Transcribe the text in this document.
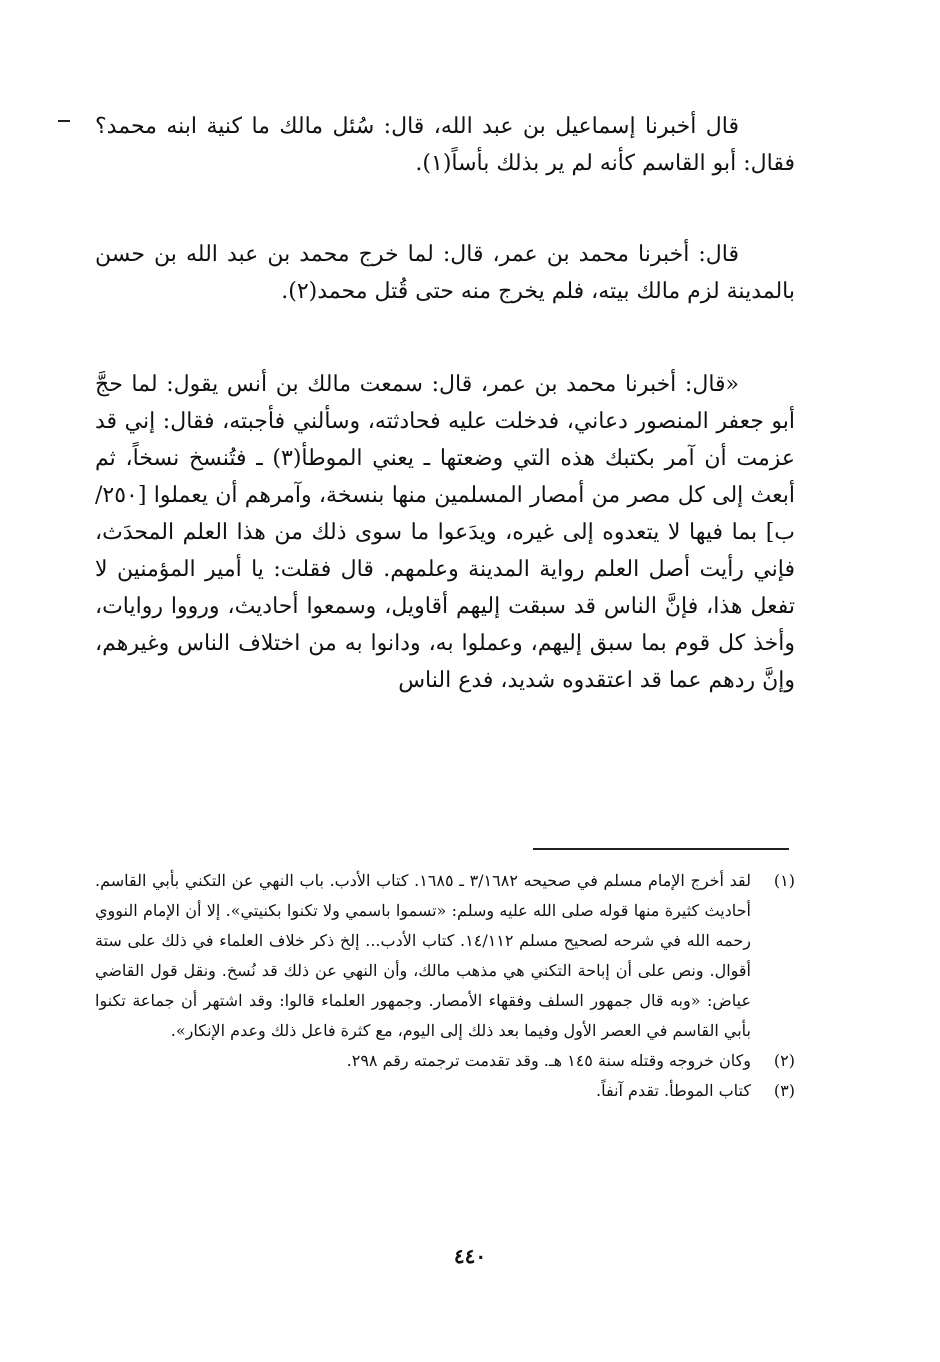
قال أخبرنا إسماعيل بن عبد الله، قال: سُئل مالك ما كنية ابنه محمد؟ فقال: أبو القاسم كأنه لم ير بذلك بأساً(١).

قال: أخبرنا محمد بن عمر، قال: لما خرج محمد بن عبد الله بن حسن بالمدينة لزم مالك بيته، فلم يخرج منه حتى قُتل محمد(٢).

«قال: أخبرنا محمد بن عمر، قال: سمعت مالك بن أنس يقول: لما حجَّ أبو جعفر المنصور دعاني، فدخلت عليه فحادثته، وسألني فأجبته، فقال: إني قد عزمت أن آمر بكتبك هذه التي وضعتها ـ يعني الموطأ(٣) ـ فتُنسخ نسخاً، ثم أبعث إلى كل مصر من أمصار المسلمين منها بنسخة، وآمرهم أن يعملوا [٢٥٠/ب] بما فيها لا يتعدوه إلى غيره، ويدَعوا ما سوى ذلك من هذا العلم المحدَث، فإني رأيت أصل العلم رواية المدينة وعلمهم. قال فقلت: يا أمير المؤمنين لا تفعل هذا، فإنَّ الناس قد سبقت إليهم أقاويل، وسمعوا أحاديث، ورووا روايات، وأخذ كل قوم بما سبق إليهم، وعملوا به، ودانوا به من اختلاف الناس وغيرهم، وإنَّ ردهم عما قد اعتقدوه شديد، فدع الناس

(١)
لقد أخرج الإمام مسلم في صحيحه ٣/١٦٨٢ ـ ١٦٨٥. كتاب الأدب. باب النهي عن التكني بأبي القاسم. أحاديث كثيرة منها قوله صلى الله عليه وسلم: «تسموا باسمي ولا تكنوا بكنيتي». إلا أن الإمام النووي رحمه الله في شرحه لصحيح مسلم ١٤/١١٢. كتاب الأدب... إلخ ذكر خلاف العلماء في ذلك على ستة أقوال. ونص على أن إباحة التكني هي مذهب مالك، وأن النهي عن ذلك قد نُسخ. ونقل قول القاضي عياض: «وبه قال جمهور السلف وفقهاء الأمصار. وجمهور العلماء قالوا: وقد اشتهر أن جماعة تكنوا بأبي القاسم في العصر الأول وفيما بعد ذلك إلى اليوم، مع كثرة فاعل ذلك وعدم الإنكار».
(٢)
وكان خروجه وقتله سنة ١٤٥ هـ. وقد تقدمت ترجمته رقم ٢٩٨.
(٣)
كتاب الموطأ. تقدم آنفاً.
٤٤٠
